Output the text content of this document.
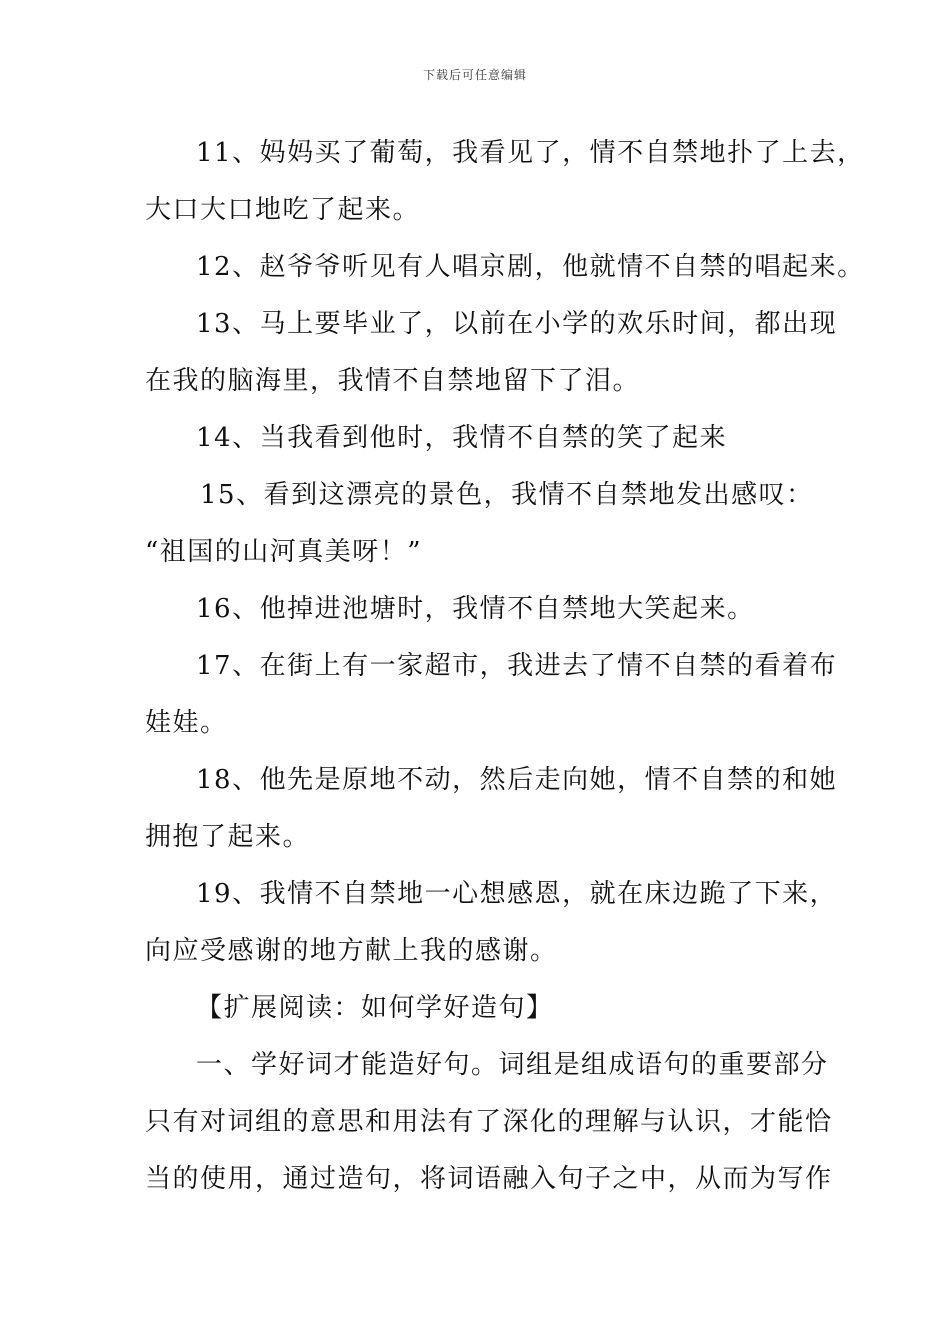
下载后可任意编辑
11、妈妈买了葡萄，我看见了，情不自禁地扑了上去，
大口大口地吃了起来。
12、赵爷爷听见有人唱京剧，他就情不自禁的唱起来。
13、马上要毕业了，以前在小学的欢乐时间，都出现
在我的脑海里，我情不自禁地留下了泪。
14、当我看到他时，我情不自禁的笑了起来
15、看到这漂亮的景色，我情不自禁地发出感叹：
“祖国的山河真美呀！”
16、他掉进池塘时，我情不自禁地大笑起来。
17、在街上有一家超市，我进去了情不自禁的看着布
娃娃。
18、他先是原地不动，然后走向她，情不自禁的和她
拥抱了起来。
19、我情不自禁地一心想感恩，就在床边跪了下来，
向应受感谢的地方献上我的感谢。
【扩展阅读：如何学好造句】
一、学好词才能造好句。词组是组成语句的重要部分
只有对词组的意思和用法有了深化的理解与认识，才能恰
当的使用，通过造句，将词语融入句子之中，从而为写作
